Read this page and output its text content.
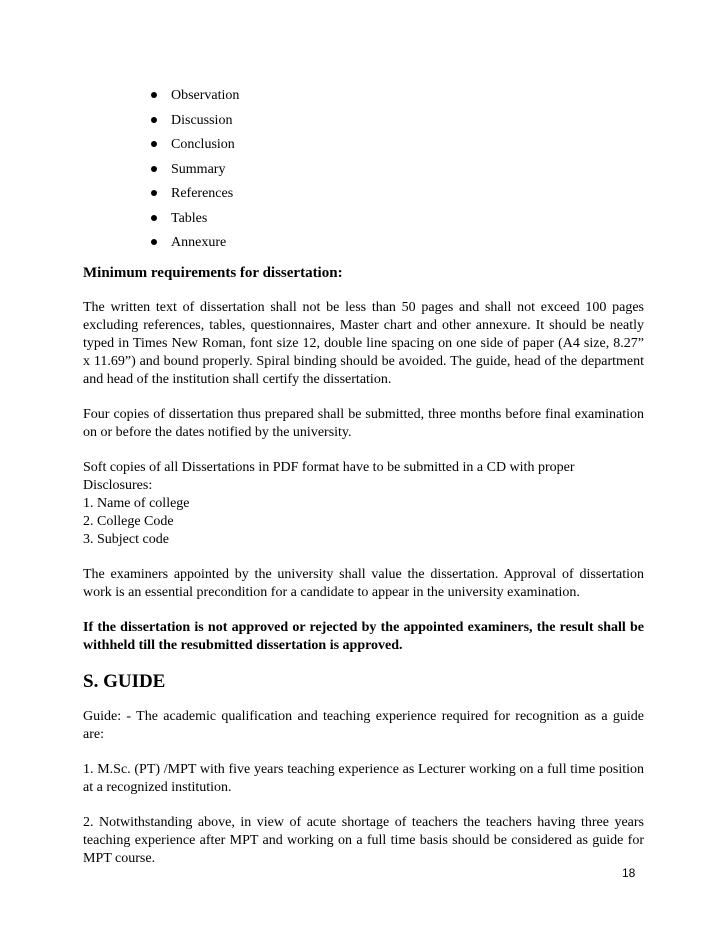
Observation
Discussion
Conclusion
Summary
References
Tables
Annexure
Minimum requirements for dissertation:

The written text of dissertation shall not be less than 50 pages and shall not exceed 100 pages excluding references, tables, questionnaires, Master chart and other annexure. It should be neatly typed in Times New Roman, font size 12, double line spacing on one side of paper (A4 size, 8.27” x 11.69”) and bound properly. Spiral binding should be avoided. The guide, head of the department and head of the institution shall certify the dissertation.

Four copies of dissertation thus prepared shall be submitted, three months before final examination on or before the dates notified by the university.

Soft copies of all Dissertations in PDF format have to be submitted in a CD with proper Disclosures:
1. Name of college
2. College Code
3. Subject code

The examiners appointed by the university shall value the dissertation. Approval of dissertation work is an essential precondition for a candidate to appear in the university examination.

If the dissertation is not approved or rejected by the appointed examiners, the result shall be withheld till the resubmitted dissertation is approved.

S. GUIDE

Guide: - The academic qualification and teaching experience required for recognition as a guide are:

1. M.Sc. (PT) /MPT with five years teaching experience as Lecturer working on a full time position at a recognized institution.

2. Notwithstanding above, in view of acute shortage of teachers the teachers having three years teaching experience after MPT and working on a full time basis should be considered as guide for MPT course.

18
